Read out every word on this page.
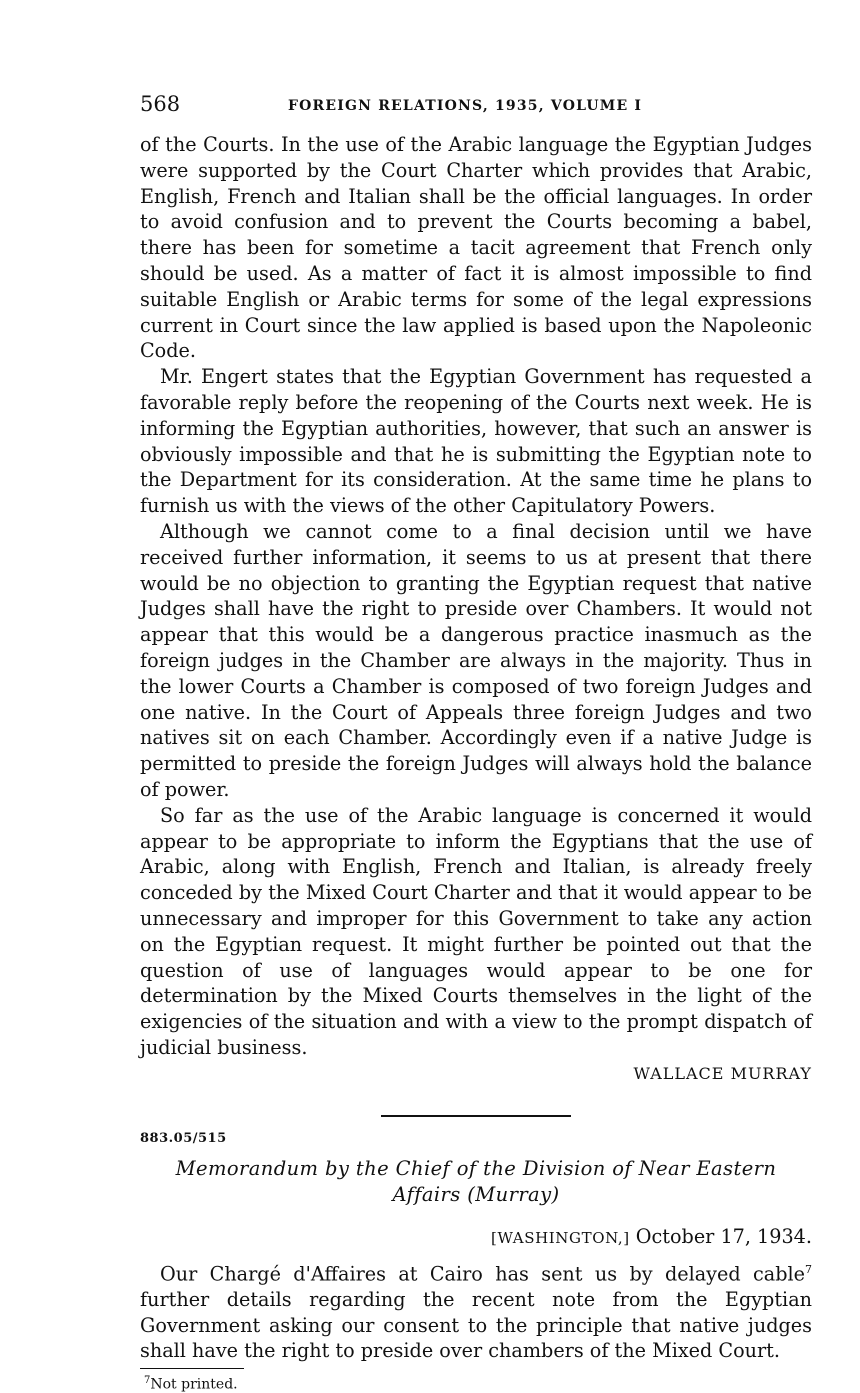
568	FOREIGN RELATIONS, 1935, VOLUME I

of the Courts. In the use of the Arabic language the Egyptian Judges were supported by the Court Charter which provides that Arabic, English, French and Italian shall be the official languages. In order to avoid confusion and to prevent the Courts becoming a babel, there has been for sometime a tacit agreement that French only should be used. As a matter of fact it is almost impossible to find suitable English or Arabic terms for some of the legal expressions current in Court since the law applied is based upon the Napoleonic Code.

Mr. Engert states that the Egyptian Government has requested a favorable reply before the reopening of the Courts next week. He is informing the Egyptian authorities, however, that such an answer is obviously impossible and that he is submitting the Egyptian note to the Department for its consideration. At the same time he plans to furnish us with the views of the other Capitulatory Powers.

Although we cannot come to a final decision until we have received further information, it seems to us at present that there would be no objection to granting the Egyptian request that native Judges shall have the right to preside over Chambers. It would not appear that this would be a dangerous practice inasmuch as the foreign judges in the Chamber are always in the majority. Thus in the lower Courts a Chamber is composed of two foreign Judges and one native. In the Court of Appeals three foreign Judges and two natives sit on each Chamber. Accordingly even if a native Judge is permitted to preside the foreign Judges will always hold the balance of power.

So far as the use of the Arabic language is concerned it would appear to be appropriate to inform the Egyptians that the use of Arabic, along with English, French and Italian, is already freely conceded by the Mixed Court Charter and that it would appear to be unnecessary and improper for this Government to take any action on the Egyptian request. It might further be pointed out that the question of use of languages would appear to be one for determination by the Mixed Courts themselves in the light of the exigencies of the situation and with a view to the prompt dispatch of judicial business.

WALLACE MURRAY
883.05/515
Memorandum by the Chief of the Division of Near Eastern Affairs (Murray)
[WASHINGTON,] October 17, 1934.

Our Chargé d'Affaires at Cairo has sent us by delayed cable$^7$ further details regarding the recent note from the Egyptian Government asking our consent to the principle that native judges shall have the right to preside over chambers of the Mixed Court.

$^7$Not printed.
